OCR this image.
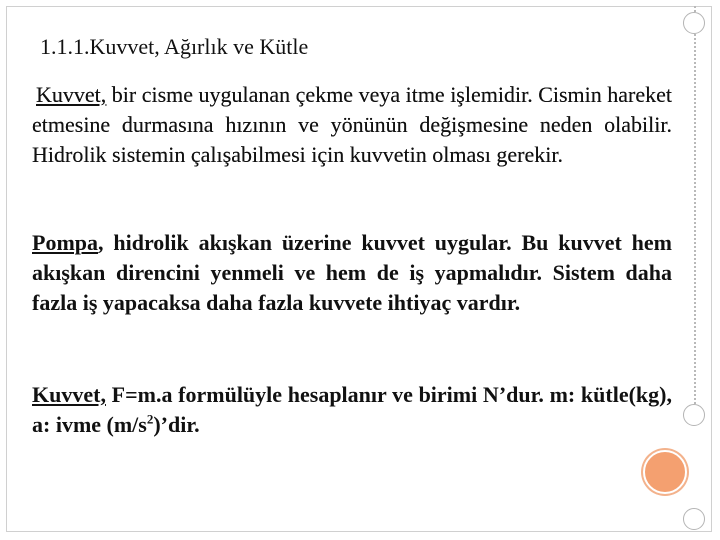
1.1.1.Kuvvet, Ağırlık ve Kütle
Kuvvet, bir cisme uygulanan çekme veya itme işlemidir. Cismin hareket etmesine durmasına hızının ve yönünün değişmesine neden olabilir. Hidrolik sistemin çalışabilmesi için kuvvetin olması gerekir.
Pompa, hidrolik akışkan üzerine kuvvet uygular. Bu kuvvet hem akışkan direncini yenmeli ve hem de iş yapmalıdır. Sistem daha fazla iş yapacaksa daha fazla kuvvete ihtiyaç vardır.
Kuvvet, F=m.a formülüyle hesaplanır ve birimi N’dur. m: kütle(kg), a: ivme $(m/s^2)’dir$.
